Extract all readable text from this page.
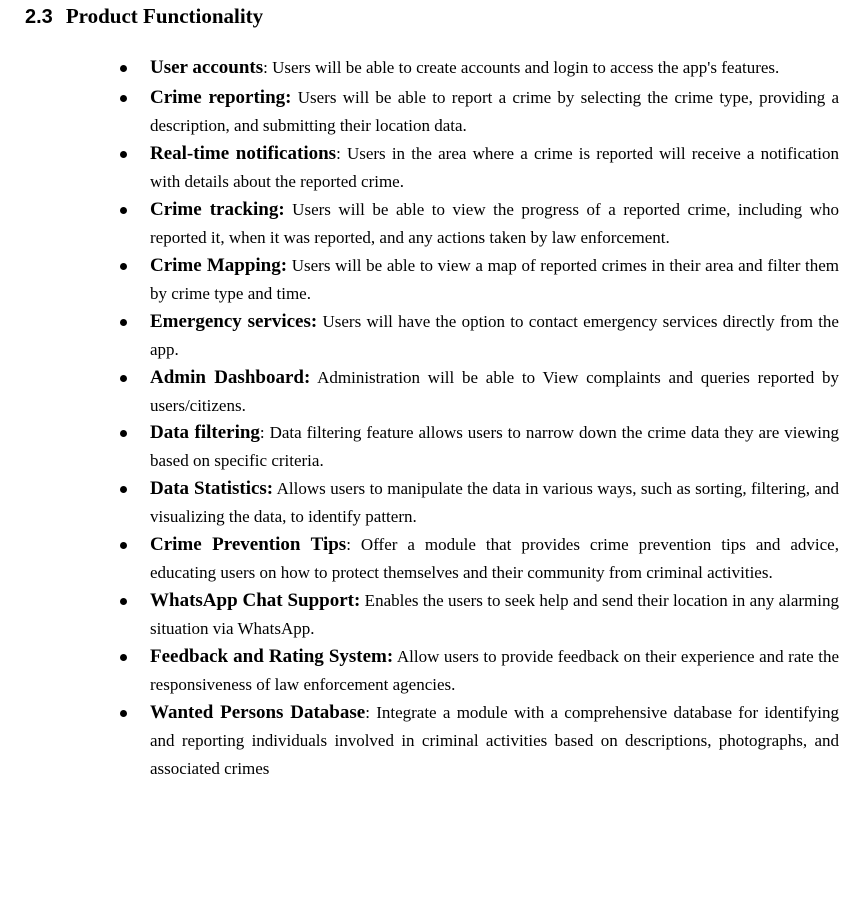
2.3 Product Functionality
User accounts: Users will be able to create accounts and login to access the app's features.
Crime reporting: Users will be able to report a crime by selecting the crime type, providing a description, and submitting their location data.
Real-time notifications: Users in the area where a crime is reported will receive a notification with details about the reported crime.
Crime tracking: Users will be able to view the progress of a reported crime, including who reported it, when it was reported, and any actions taken by law enforcement.
Crime Mapping: Users will be able to view a map of reported crimes in their area and filter them by crime type and time.
Emergency services: Users will have the option to contact emergency services directly from the app.
Admin Dashboard: Administration will be able to View complaints and queries reported by users/citizens.
Data filtering: Data filtering feature allows users to narrow down the crime data they are viewing based on specific criteria.
Data Statistics: Allows users to manipulate the data in various ways, such as sorting, filtering, and visualizing the data, to identify pattern.
Crime Prevention Tips: Offer a module that provides crime prevention tips and advice, educating users on how to protect themselves and their community from criminal activities.
WhatsApp Chat Support: Enables the users to seek help and send their location in any alarming situation via WhatsApp.
Feedback and Rating System: Allow users to provide feedback on their experience and rate the responsiveness of law enforcement agencies.
Wanted Persons Database: Integrate a module with a comprehensive database for identifying and reporting individuals involved in criminal activities based on descriptions, photographs, and associated crimes
